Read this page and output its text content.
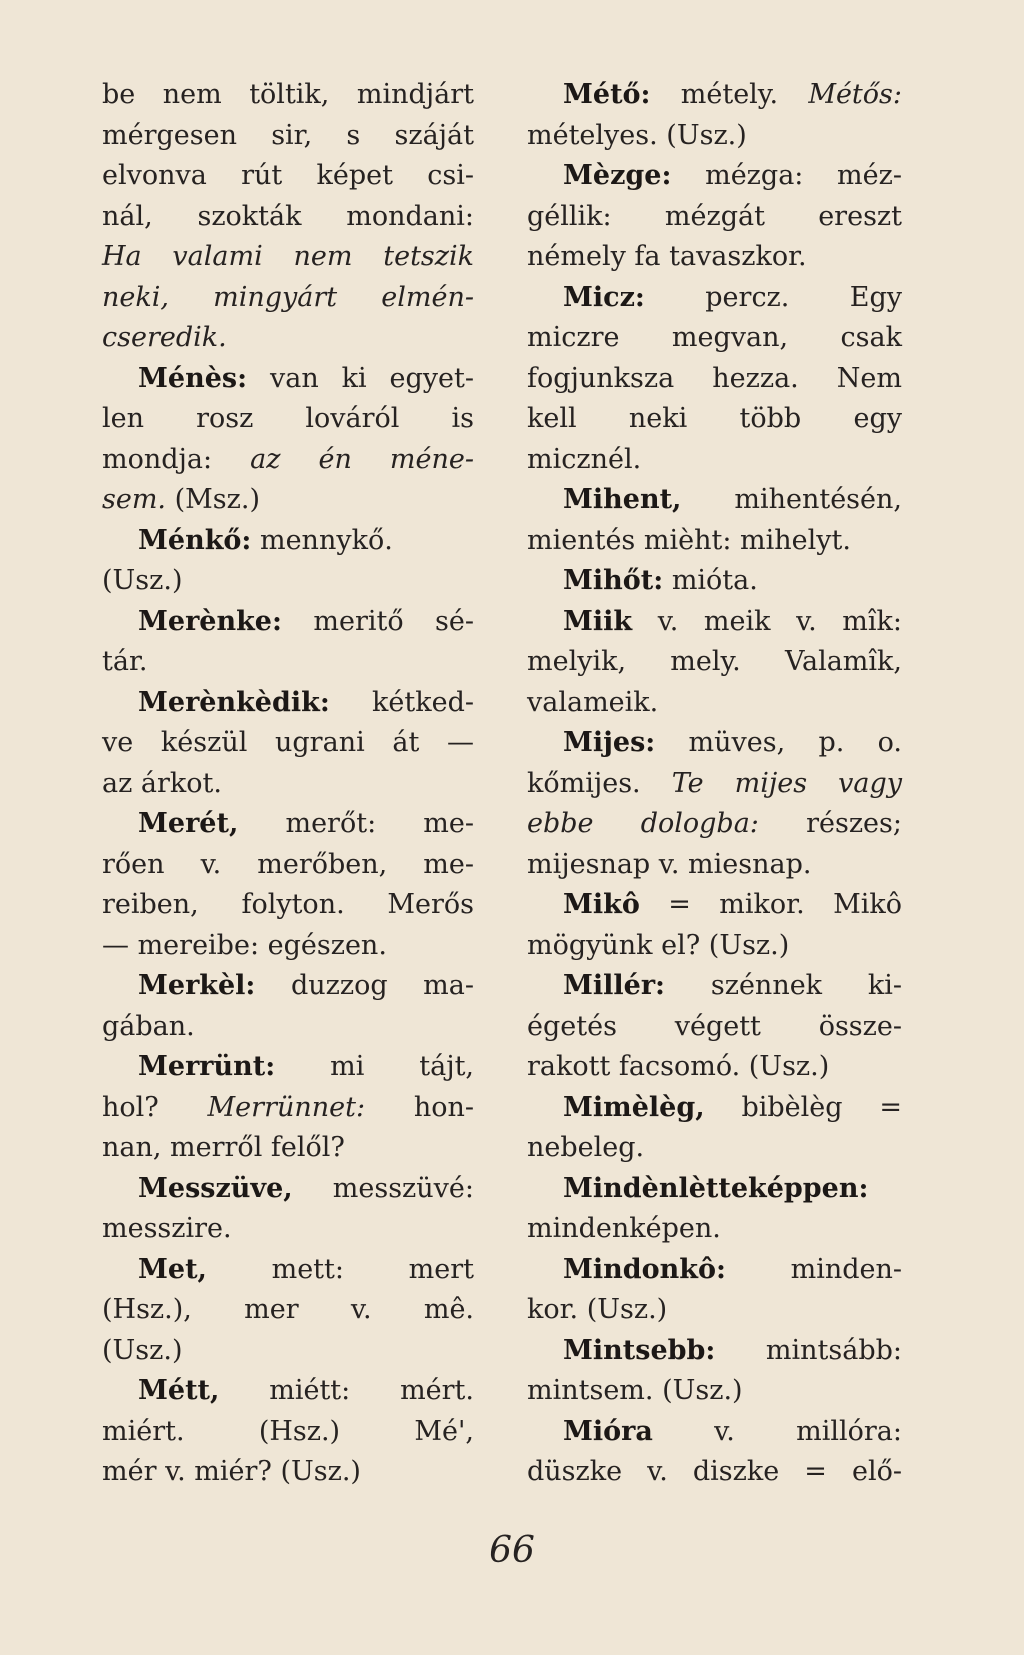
be nem töltik, mindjárt
mérgesen sir, s száját
elvonva rút képet csi-
nál, szokták mondani:
Ha valami nem tetszik
neki, mingyárt elmén-
cseredik.
Ménès: van ki egyet-
len rosz lováról is
mondja: az én méne-
sem. (Msz.)
Ménkő: mennykő.
(Usz.)
Merènke: meritő sé-
tár.
Merènkèdik: kétked-
ve készül ugrani át —
az árkot.
Merét, merőt: me-
rően v. merőben, me-
reiben, folyton. Merős
— mereibe: egészen.
Merkèl: duzzog ma-
gában.
Merrünt: mi tájt,
hol? Merrünnet: hon-
nan, merről felől?
Messzüve, messzüvé:
messzire.
Met, mett: mert
(Hsz.), mer v. mê.
(Usz.)
Métt, miétt: mért.
miért. (Hsz.) Mé',
mér v. miér? (Usz.)
Métő: métely. Métős:
mételyes. (Usz.)
Mèzge: mézga: méz-
géllik: mézgát ereszt
némely fa tavaszkor.
Micz: percz. Egy
miczre megvan, csak
fogjunksza hezza. Nem
kell neki több egy
micznél.
Mihent, mihentésén,
mientés mièht: mihelyt.
Mihőt: mióta.
Miik v. meik v. mîk:
melyik, mely. Valamîk,
valameik.
Mijes: müves, p. o.
kőmijes. Te mijes vagy
ebbe dologba: részes;
mijesnap v. miesnap.
Mikô = mikor. Mikô
mögyünk el? (Usz.)
Millér: szénnek ki-
égetés végett össze-
rakott facsomó. (Usz.)
Mimèlèg, bibèlèg =
nebeleg.
Mindènlètteképpen:
mindenképen.
Mindonkô: minden-
kor. (Usz.)
Mintsebb: mintsább:
mintsem. (Usz.)
Mióra v. millóra:
düszke v. diszke = elő-
66
